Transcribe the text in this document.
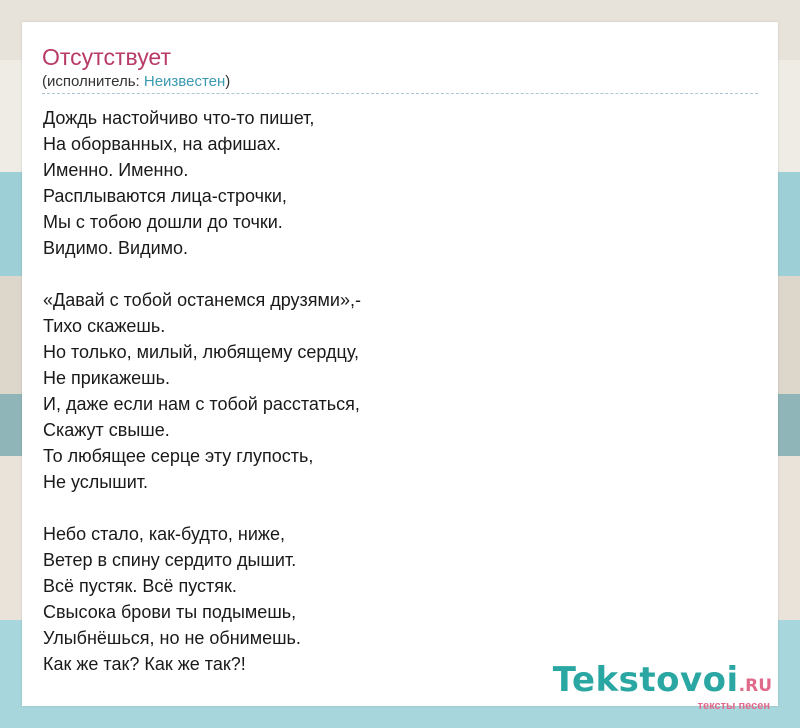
Отсутствует
(исполнитель: Неизвестен)
Дождь настойчиво что-то пишет,
На оборванных, на афишах.
Именно. Именно.
Расплываются лица-строчки,
Мы с тобою дошли до точки.
Видимо. Видимо.
«Давай с тобой останемся друзями»,-
Тихо скажешь.
Но только, милый, любящему сердцу,
Не прикажешь.
И, даже если нам с тобой расстаться,
Скажут свыше.
То любящее серце эту глупость,
Не услышит.
Небо стало, как-будто, ниже,
Ветер в спину сердито дышит.
Всё пустяк. Всё пустяк.
Свысока брови ты подымешь,
Улыбнёшься, но не обнимешь.
Как же так? Как же так?!	Tekstovoi.RU
тексты песен
